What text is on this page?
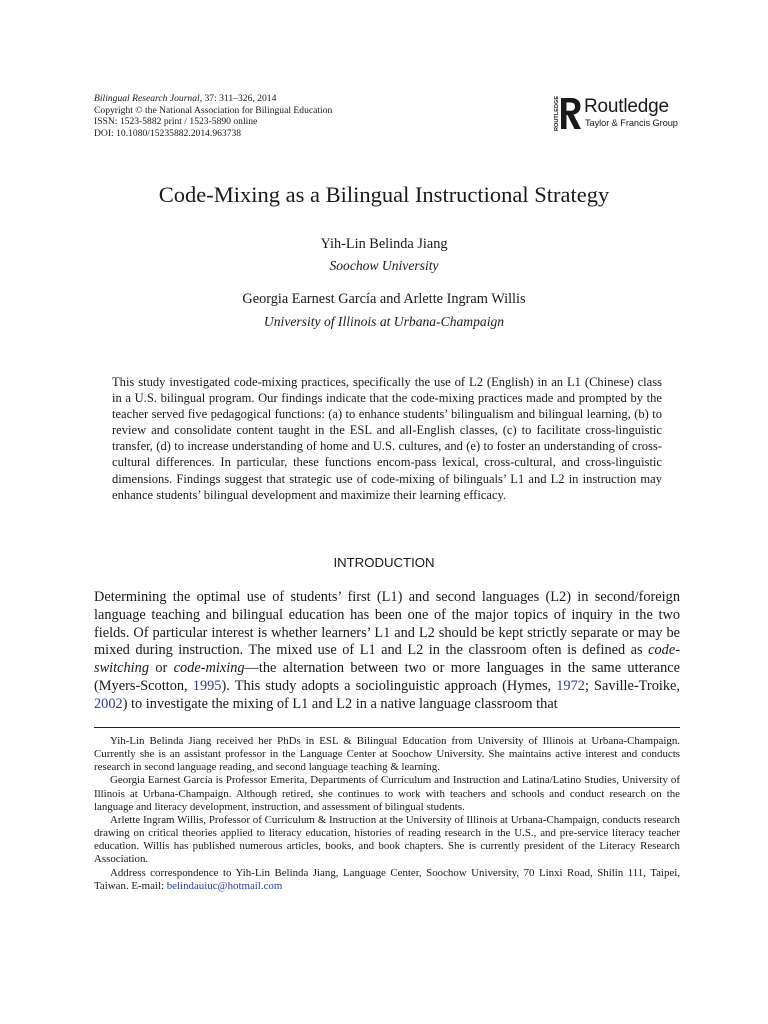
Bilingual Research Journal, 37: 311–326, 2014
Copyright © the National Association for Bilingual Education
ISSN: 1523-5882 print / 1523-5890 online
DOI: 10.1080/15235882.2014.963738
ROUTLEDGE Routledge
Taylor & Francis Group
Code-Mixing as a Bilingual Instructional Strategy
Yih-Lin Belinda Jiang
Soochow University
Georgia Earnest García and Arlette Ingram Willis
University of Illinois at Urbana-Champaign
This study investigated code-mixing practices, specifically the use of L2 (English) in an L1 (Chinese) class in a U.S. bilingual program. Our findings indicate that the code-mixing practices made and prompted by the teacher served five pedagogical functions: (a) to enhance students’ bilingualism and bilingual learning, (b) to review and consolidate content taught in the ESL and all-English classes, (c) to facilitate cross-linguistic transfer, (d) to increase understanding of home and U.S. cultures, and (e) to foster an understanding of cross-cultural differences. In particular, these functions encom-pass lexical, cross-cultural, and cross-linguistic dimensions. Findings suggest that strategic use of code-mixing of bilinguals’ L1 and L2 in instruction may enhance students’ bilingual development and maximize their learning efficacy.
INTRODUCTION
Determining the optimal use of students’ first (L1) and second languages (L2) in second/foreign language teaching and bilingual education has been one of the major topics of inquiry in the two fields. Of particular interest is whether learners’ L1 and L2 should be kept strictly separate or may be mixed during instruction. The mixed use of L1 and L2 in the classroom often is defined as code-switching or code-mixing—the alternation between two or more languages in the same utterance (Myers-Scotton, 1995). This study adopts a sociolinguistic approach (Hymes, 1972; Saville-Troike, 2002) to investigate the mixing of L1 and L2 in a native language classroom that

Yih-Lin Belinda Jiang received her PhDs in ESL & Bilingual Education from University of Illinois at Urbana-Champaign. Currently she is an assistant professor in the Language Center at Soochow University. She maintains active interest and conducts research in second language reading, and second language teaching & learning.

Georgia Earnest García is Professor Emerita, Departments of Curriculum and Instruction and Latina/Latino Studies, University of Illinois at Urbana-Champaign. Although retired, she continues to work with teachers and schools and conduct research on the language and literacy development, instruction, and assessment of bilingual students.

Arlette Ingram Willis, Professor of Curriculum & Instruction at the University of Illinois at Urbana-Champaign, conducts research drawing on critical theories applied to literacy education, histories of reading research in the U.S., and pre-service literacy teacher education. Willis has published numerous articles, books, and book chapters. She is currently president of the Literacy Research Association.

Address correspondence to Yih-Lin Belinda Jiang, Language Center, Soochow University, 70 Linxi Road, Shilin 111, Taipei, Taiwan. E-mail: belindauiuc@hotmail.com
